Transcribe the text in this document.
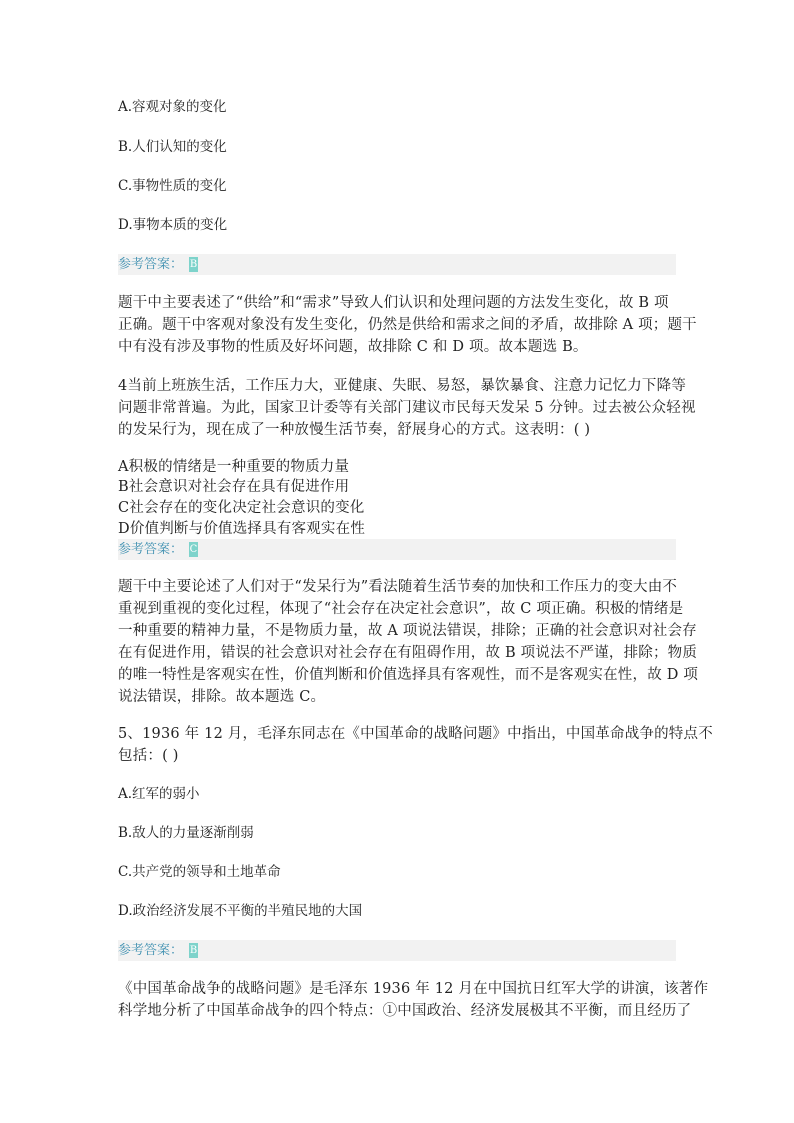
A.容观对象的变化

B.人们认知的变化

C.事物性质的变化

D.事物本质的变化

参考答案： B

题干中主要表述了“供给”和“需求”导致人们认识和处理问题的方法发生变化，故 B 项

正确。题干中客观对象没有发生变化，仍然是供给和需求之间的矛盾，故排除 A 项；题干

中有没有涉及事物的性质及好坏问题，故排除 C 和 D 项。故本题选 B。

4当前上班族生活，工作压力大，亚健康、失眠、易怒，暴饮暴食、注意力记忆力下降等

问题非常普遍。为此，国家卫计委等有关部门建议市民每天发呆 5 分钟。过去被公众轻视

的发呆行为，现在成了一种放慢生活节奏，舒展身心的方式。这表明：( )

A积极的情绪是一种重要的物质力量

B社会意识对社会存在具有促进作用

C社会存在的变化决定社会意识的变化

D价值判断与价值选择具有客观实在性

参考答案： C

题干中主要论述了人们对于“发呆行为”看法随着生活节奏的加快和工作压力的变大由不

重视到重视的变化过程，体现了“社会存在决定社会意识”，故 C 项正确。积极的情绪是

一种重要的精神力量，不是物质力量，故 A 项说法错误，排除；正确的社会意识对社会存

在有促进作用，错误的社会意识对社会存在有阻碍作用，故 B 项说法不严谨，排除；物质

的唯一特性是客观实在性，价值判断和价值选择具有客观性，而不是客观实在性，故 D 项

说法错误，排除。故本题选 C。

5、1936 年 12 月，毛泽东同志在《中国革命的战略问题》中指出，中国革命战争的特点不

包括：( )

A.红军的弱小

B.敌人的力量逐渐削弱

C.共产党的领导和土地革命

D.政治经济发展不平衡的半殖民地的大国

参考答案： B

《中国革命战争的战略问题》是毛泽东 1936 年 12 月在中国抗日红军大学的讲演，该著作

科学地分析了中国革命战争的四个特点：①中国政治、经济发展极其不平衡，而且经历了
